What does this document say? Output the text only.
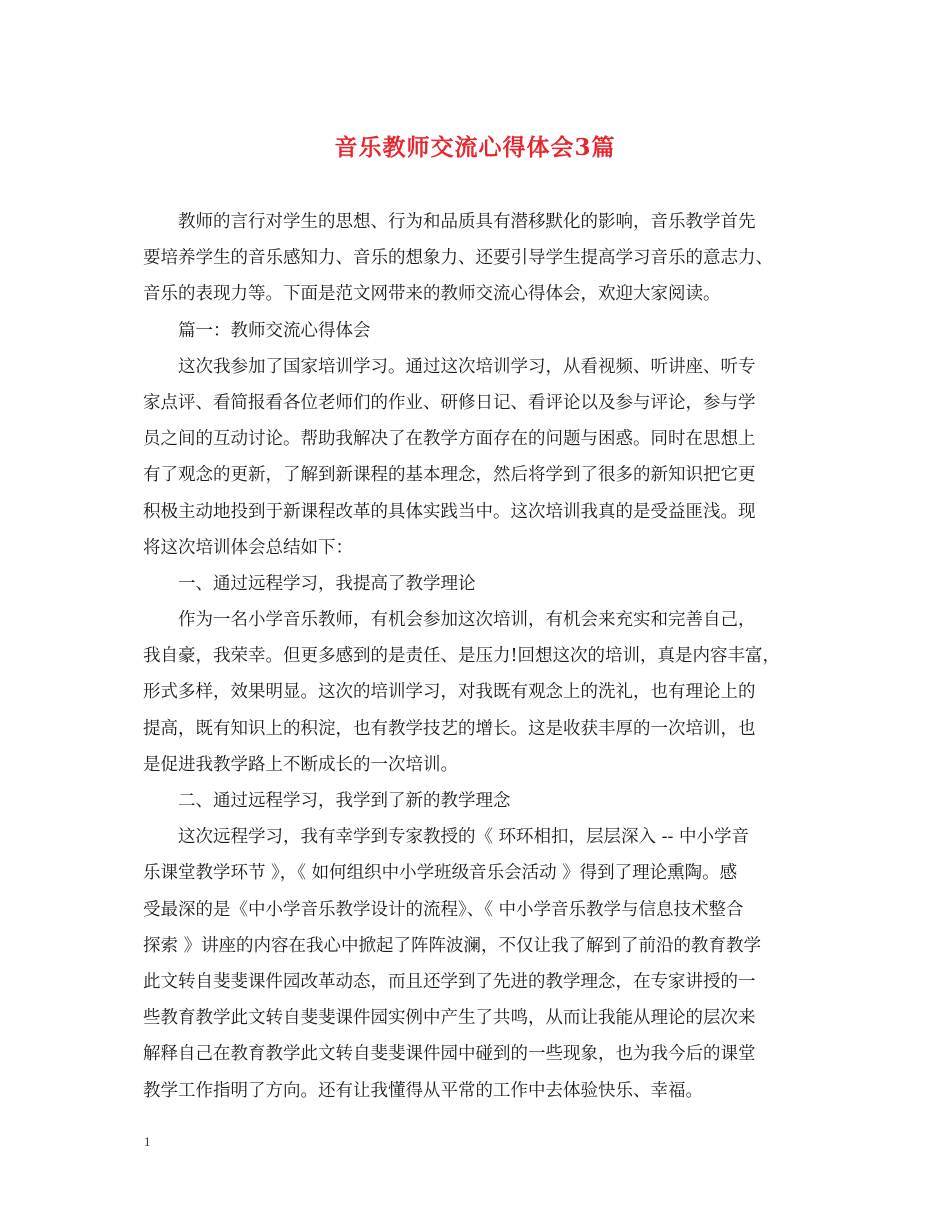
音乐教师交流心得体会3篇
教师的言行对学生的思想、行为和品质具有潜移默化的影响，音乐教学首先
要培养学生的音乐感知力、音乐的想象力、还要引导学生提高学习音乐的意志力、
音乐的表现力等。下面是范文网带来的教师交流心得体会，欢迎大家阅读。
篇一：教师交流心得体会
这次我参加了国家培训学习。通过这次培训学习，从看视频、听讲座、听专
家点评、看简报看各位老师们的作业、研修日记、看评论以及参与评论，参与学
员之间的互动讨论。帮助我解决了在教学方面存在的问题与困惑。同时在思想上
有了观念的更新，了解到新课程的基本理念，然后将学到了很多的新知识把它更
积极主动地投到于新课程改革的具体实践当中。这次培训我真的是受益匪浅。现
将这次培训体会总结如下：
一、通过远程学习，我提高了教学理论
作为一名小学音乐教师，有机会参加这次培训，有机会来充实和完善自己，
我自豪，我荣幸。但更多感到的是责任、是压力!回想这次的培训，真是内容丰富，
形式多样，效果明显。这次的培训学习，对我既有观念上的洗礼，也有理论上的
提高，既有知识上的积淀，也有教学技艺的增长。这是收获丰厚的一次培训，也
是促进我教学路上不断成长的一次培训。
二、通过远程学习，我学到了新的教学理念
这次远程学习，我有幸学到专家教授的《 环环相扣，层层深入 -- 中小学音
乐课堂教学环节 》，《 如何组织中小学班级音乐会活动 》得到了理论熏陶。感
受最深的是《中小学音乐教学设计的流程》、《 中小学音乐教学与信息技术整合
探索 》讲座的内容在我心中掀起了阵阵波澜，不仅让我了解到了前沿的教育教学
此文转自斐斐课件园改革动态，而且还学到了先进的教学理念，在专家讲授的一
些教育教学此文转自斐斐课件园实例中产生了共鸣，从而让我能从理论的层次来
解释自己在教育教学此文转自斐斐课件园中碰到的一些现象，也为我今后的课堂
教学工作指明了方向。还有让我懂得从平常的工作中去体验快乐、幸福。
1
